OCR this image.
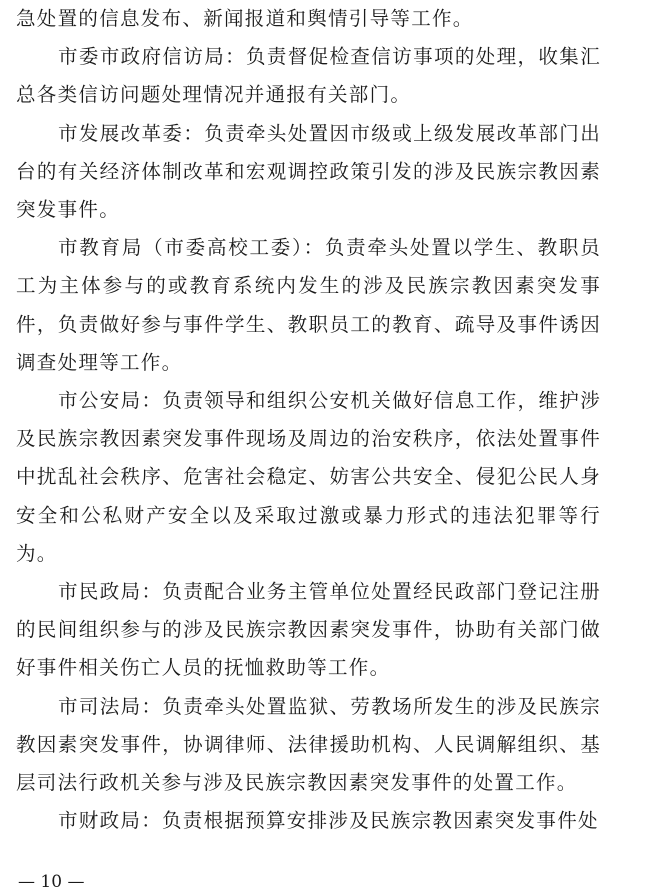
急处置的信息发布、新闻报道和舆情引导等工作。

市委市政府信访局：负责督促检查信访事项的处理，收集汇总各类信访问题处理情况并通报有关部门。

市发展改革委：负责牵头处置因市级或上级发展改革部门出台的有关经济体制改革和宏观调控政策引发的涉及民族宗教因素突发事件。

市教育局（市委高校工委）：负责牵头处置以学生、教职员工为主体参与的或教育系统内发生的涉及民族宗教因素突发事件，负责做好参与事件学生、教职员工的教育、疏导及事件诱因调查处理等工作。

市公安局：负责领导和组织公安机关做好信息工作，维护涉及民族宗教因素突发事件现场及周边的治安秩序，依法处置事件中扰乱社会秩序、危害社会稳定、妨害公共安全、侵犯公民人身安全和公私财产安全以及采取过激或暴力形式的违法犯罪等行为。

市民政局：负责配合业务主管单位处置经民政部门登记注册的民间组织参与的涉及民族宗教因素突发事件，协助有关部门做好事件相关伤亡人员的抚恤救助等工作。

市司法局：负责牵头处置监狱、劳教场所发生的涉及民族宗教因素突发事件，协调律师、法律援助机构、人民调解组织、基层司法行政机关参与涉及民族宗教因素突发事件的处置工作。

市财政局：负责根据预算安排涉及民族宗教因素突发事件处

— 10 —
